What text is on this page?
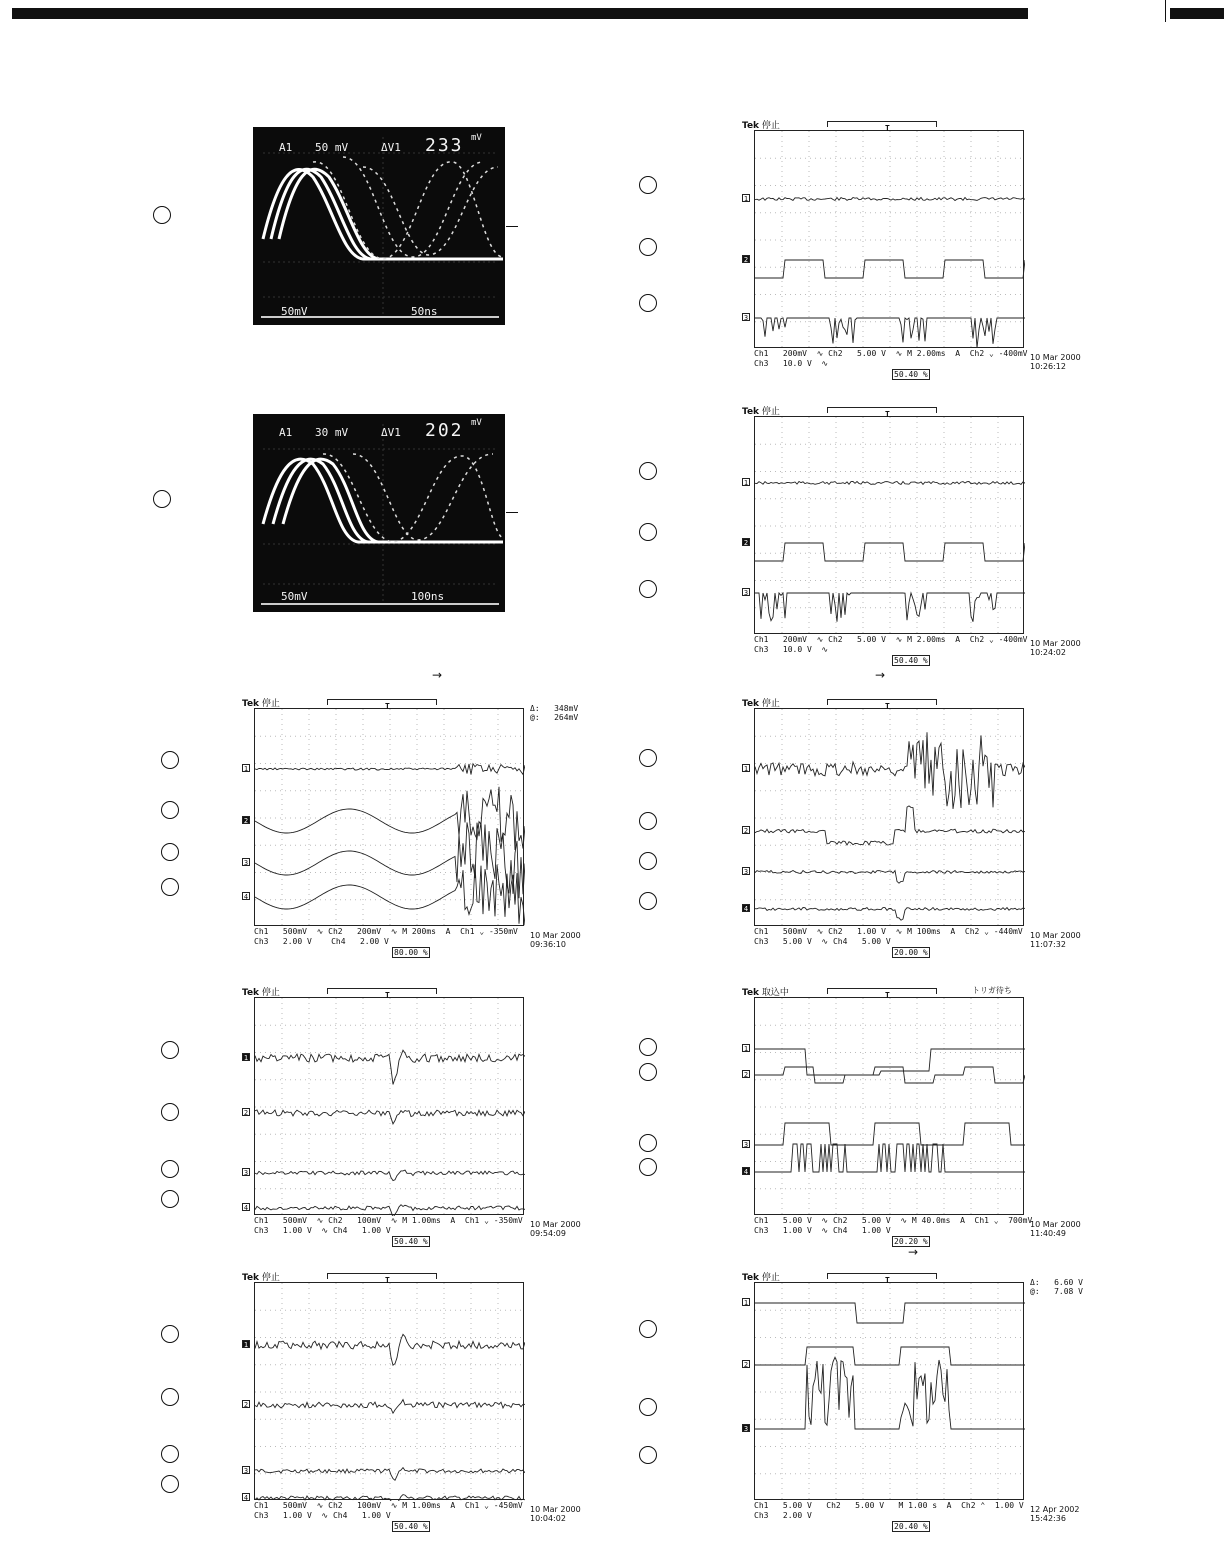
A1 50 mV	ΔV1 233 mV
50mV	50ns
A1 30 mV	ΔV1 202 mV
50mV	100ns
→	→
→
Tek 停止	T
1
2
3
Ch1   200mV  ∿ Ch2   5.00 V  ∿ M 2.00ms  A  Ch2 ⌄ -400mV
Ch3   10.0 V  ∿
50.40 %
10 Mar 2000
10:26:12
Tek 停止	T
1
2
3
Ch1   200mV  ∿ Ch2   5.00 V  ∿ M 2.00ms  A  Ch2 ⌄ -400mV
Ch3   10.0 V  ∿
50.40 %
10 Mar 2000
10:24:02
Tek 停止	T
1
2
3
4
Δ:   348mV
@:   264mV
Ch1   500mV  ∿ Ch2   200mV  ∿ M 200ms  A  Ch1 ⌄ -350mV
Ch3   2.00 V    Ch4   2.00 V
80.00 %
10 Mar 2000
09:36:10
Tek 停止	T
1
2
3
4
Ch1   500mV  ∿ Ch2   1.00 V  ∿ M 100ms  A  Ch2 ⌄ -440mV
Ch3   5.00 V  ∿ Ch4   5.00 V
20.00 %
10 Mar 2000
11:07:32
Tek 停止	T
1
2
3
4
Ch1   500mV  ∿ Ch2   100mV  ∿ M 1.00ms  A  Ch1 ⌄ -350mV
Ch3   1.00 V  ∿ Ch4   1.00 V
50.40 %
10 Mar 2000
09:54:09
Tek 取込中	トリガ待ち
T
1
2
3
4
Ch1   5.00 V  ∿ Ch2   5.00 V  ∿ M 40.0ms  A  Ch1 ⌄  700mV
Ch3   1.00 V  ∿ Ch4   1.00 V
20.20 %
10 Mar 2000
11:40:49
Tek 停止	T
1
2
3
4
Ch1   500mV  ∿ Ch2   100mV  ∿ M 1.00ms  A  Ch1 ⌄ -450mV
Ch3   1.00 V  ∿ Ch4   1.00 V
50.40 %
10 Mar 2000
10:04:02
Tek 停止	T
1
2
3
Δ:   6.60 V
@:   7.08 V
Ch1   5.00 V   Ch2   5.00 V   M 1.00 s  A  Ch2 ⌃  1.00 V
Ch3   2.00 V
20.40 %
12 Apr 2002
15:42:36
